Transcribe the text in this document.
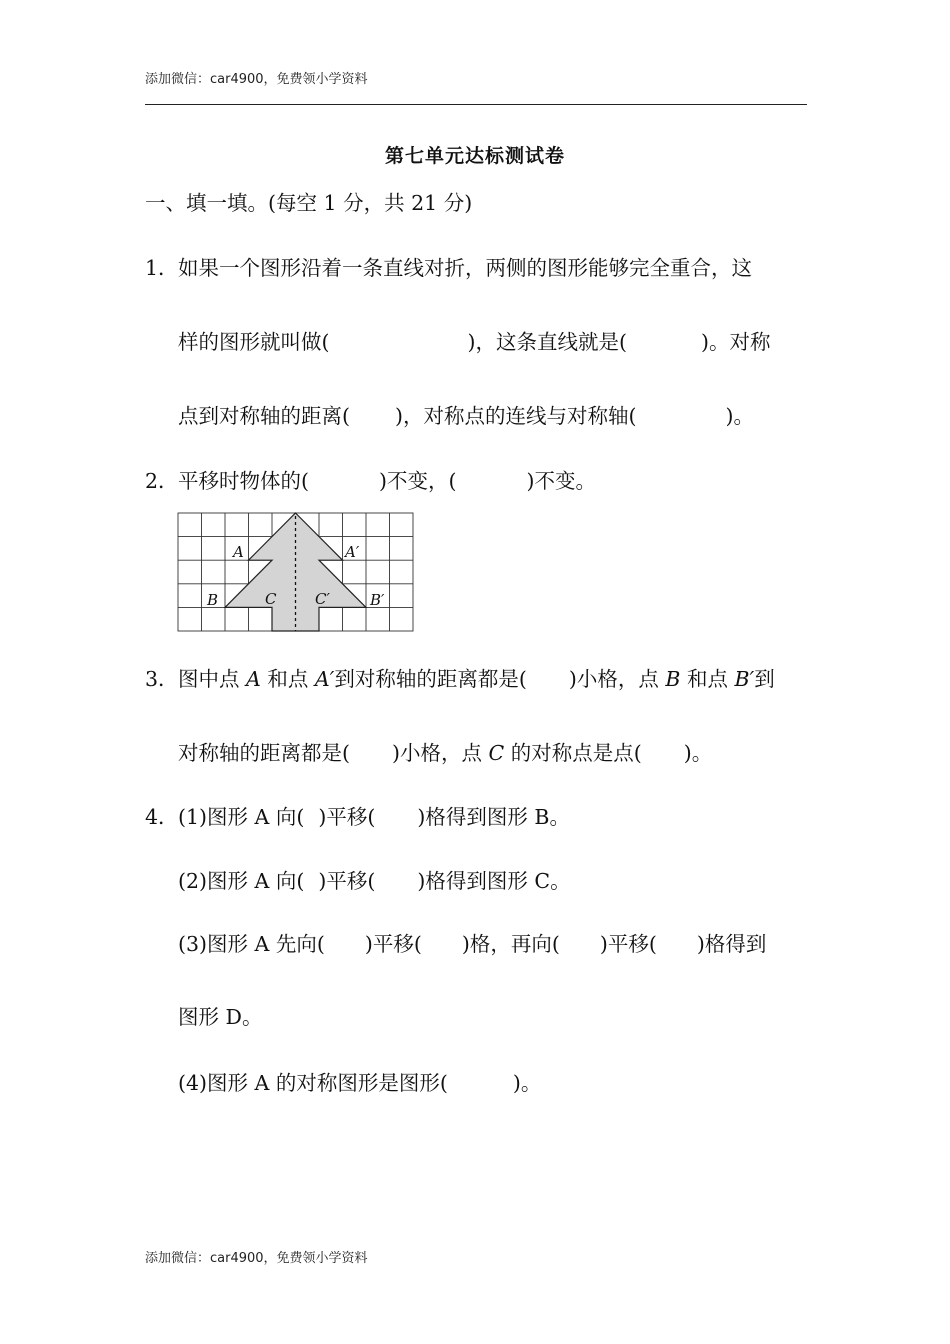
添加微信：car4900，免费领小学资料
第七单元达标测试卷
一、填一填。(每空 1 分，共 21 分)
1． 如果一个图形沿着一条直线对折，两侧的图形能够完全重合，这
样的图形就叫做(	)，这条直线就是(	)。对称
点到对称轴的距离( )，对称点的连线与对称轴(	)。
2． 平移时物体的(	)不变，(	)不变。
A	A′
B	B′
C	C′
3． 图中点 A 和点 A′到对称轴的距离都是( )小格，点 B 和点 B′到
对称轴的距离都是( )小格，点 C 的对称点是点( )。
4． (1)图形 A 向( )平移( )格得到图形 B。
(2)图形 A 向( )平移( )格得到图形 C。
(3)图形 A 先向( )平移( )格，再向( )平移( )格得到
图形 D。
(4)图形 A 的对称图形是图形(	)。
添加微信：car4900，免费领小学资料
